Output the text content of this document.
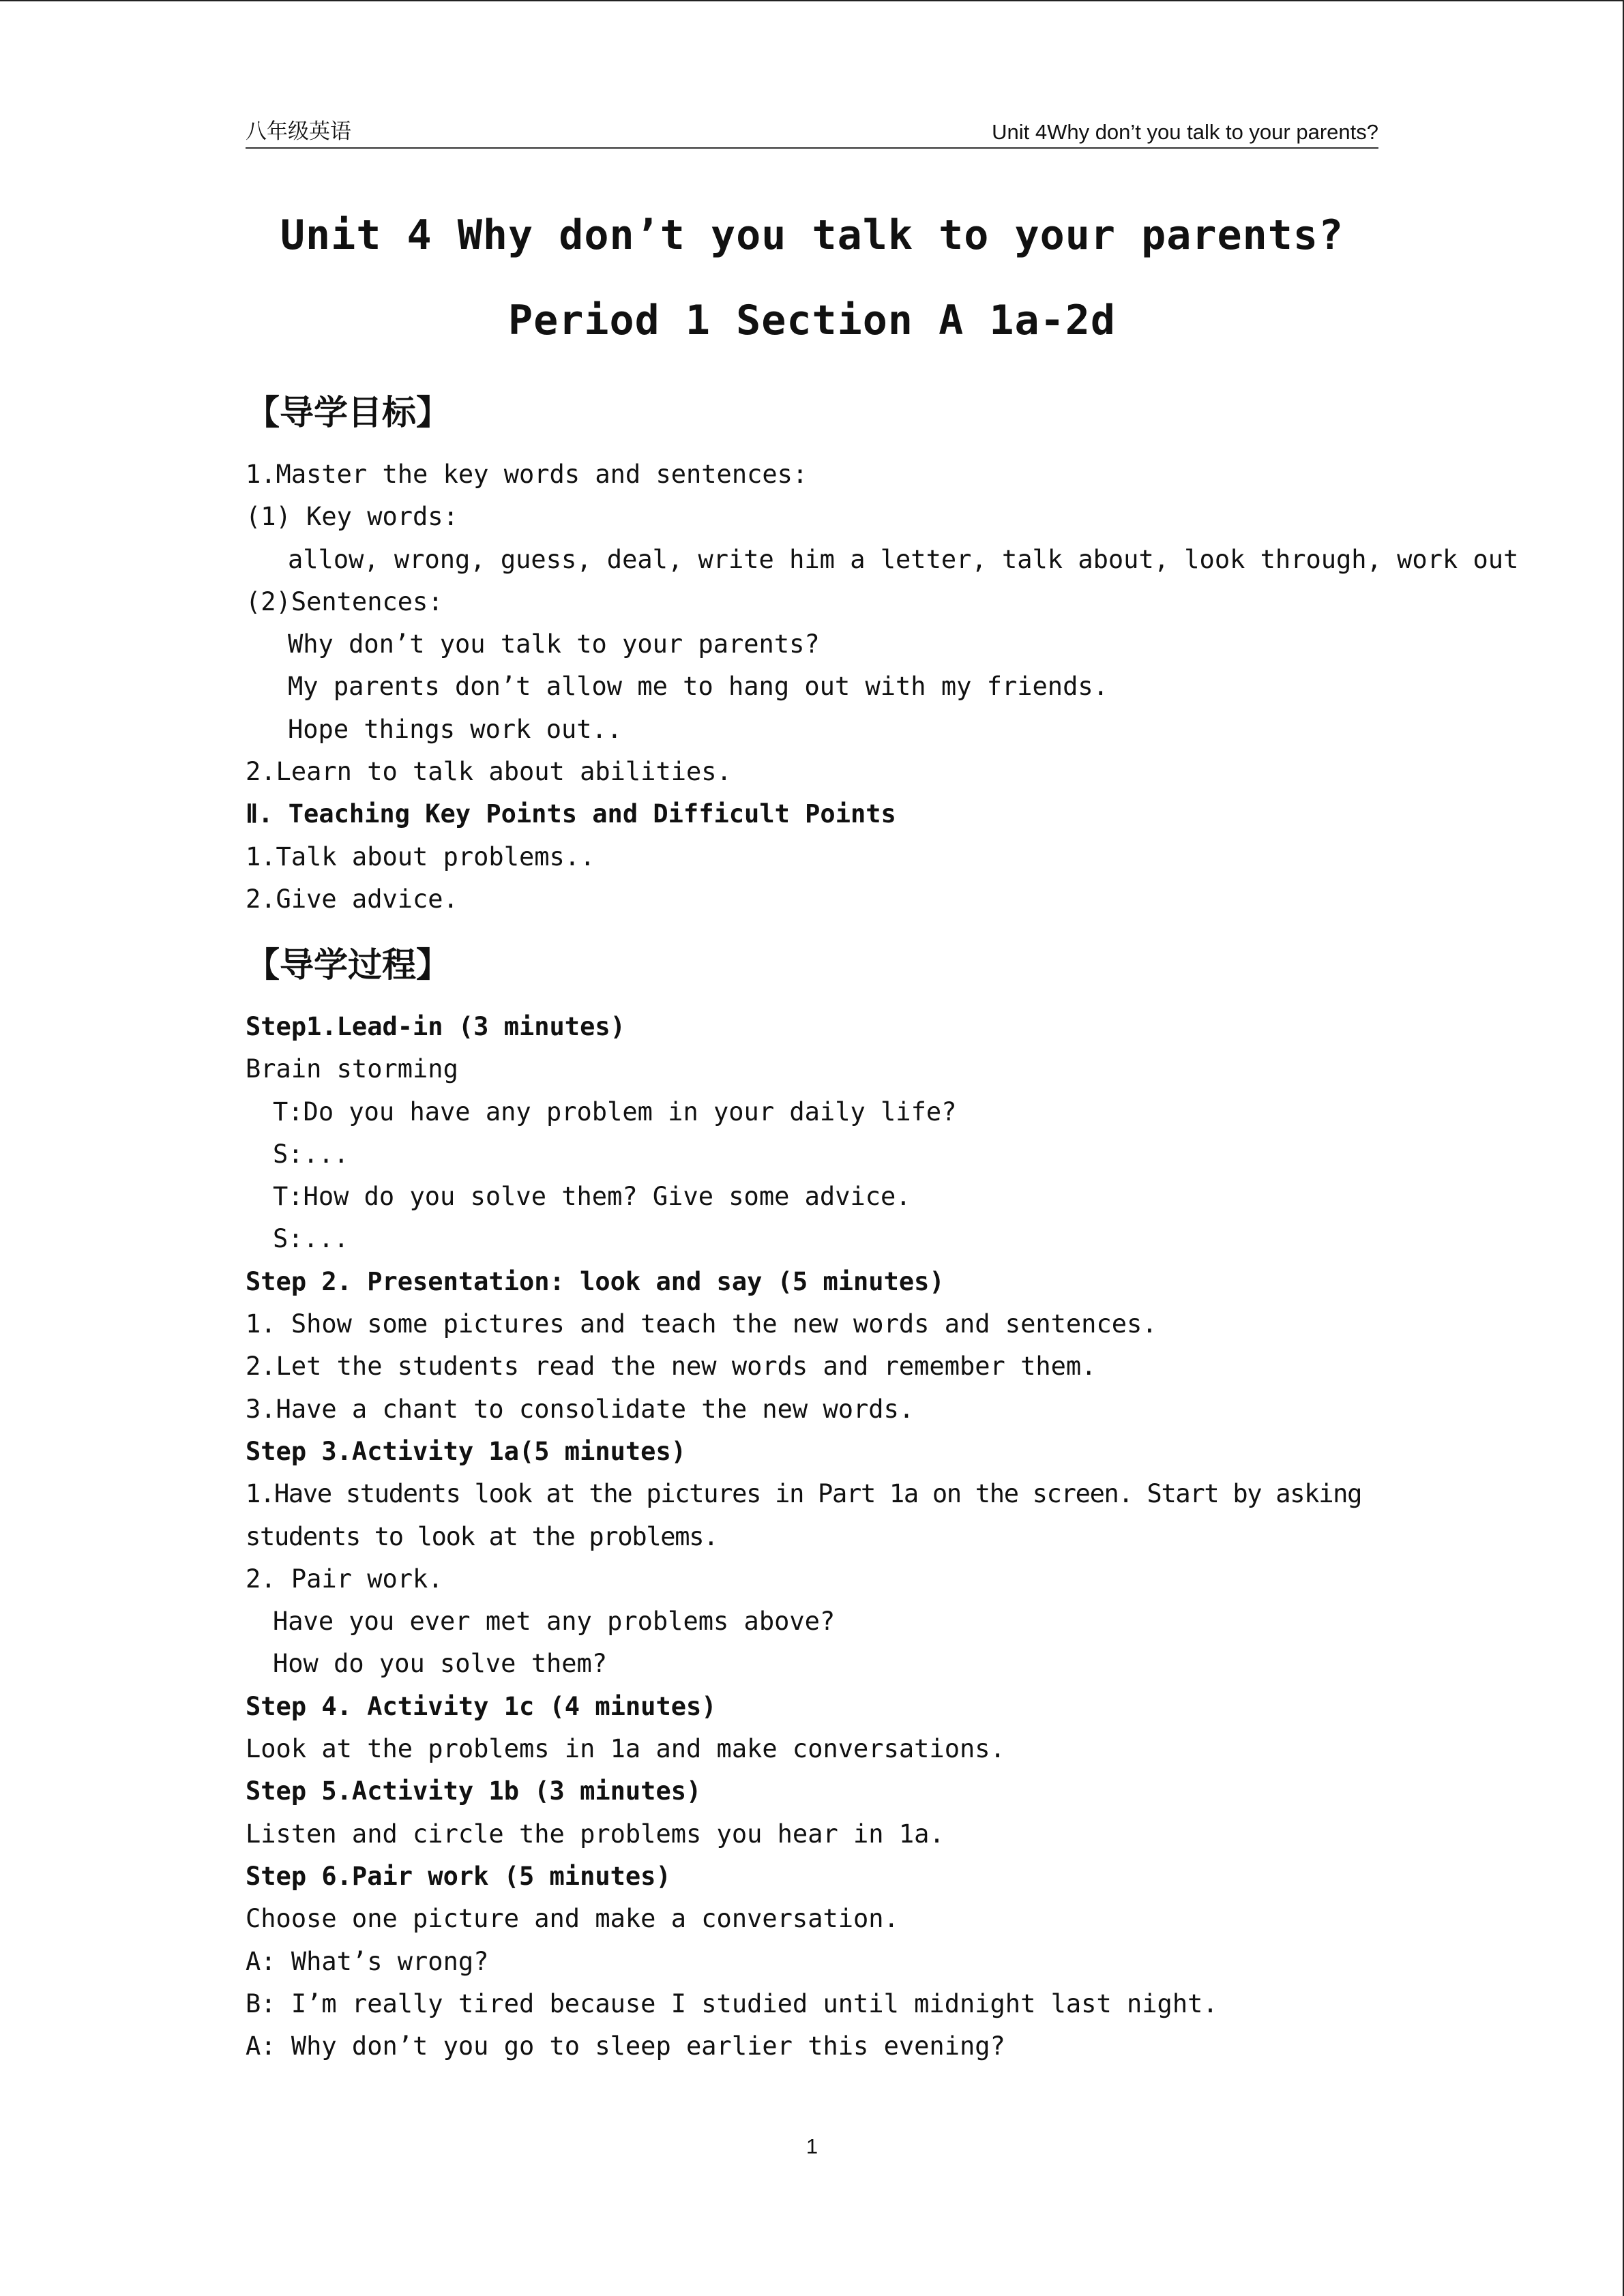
八年级英语	Unit 4Why don’t you talk to your parents?
Unit 4 Why don’t you talk to your parents?
Period 1 Section A 1a-2d
【导学目标】
1.Master the key words and sentences:
(1) Key words:
allow, wrong, guess, deal, write him a letter, talk about, look through, work out
(2)Sentences:
Why don’t you talk to your parents?
My parents don’t allow me to hang out with my friends.
Hope things work out..
2.Learn to talk about abilities.
Ⅱ. Teaching Key Points and Difficult Points
1.Talk about problems..
2.Give advice.
【导学过程】
Step1.Lead-in (3 minutes)
Brain storming
T:Do you have any problem in your daily life?
S:...
T:How do you solve them? Give some advice.
S:...
Step 2. Presentation: look and say (5 minutes)
1. Show some pictures and teach the new words and sentences.
2.Let the students read the new words and remember them.
3.Have a chant to consolidate the new words.
Step 3.Activity 1a(5 minutes)
1.Have students look at the pictures in Part 1a on the screen. Start by asking students to look at the problems.
2. Pair work.
Have you ever met any problems above?
How do you solve them?
Step 4. Activity 1c (4 minutes)
Look at the problems in 1a and make conversations.
Step 5.Activity 1b (3 minutes)
Listen and circle the problems you hear in 1a.
Step 6.Pair work (5 minutes)
Choose one picture and make a conversation.
A: What’s wrong?
B: I’m really tired because I studied until midnight last night.
A: Why don’t you go to sleep earlier this evening?
1
